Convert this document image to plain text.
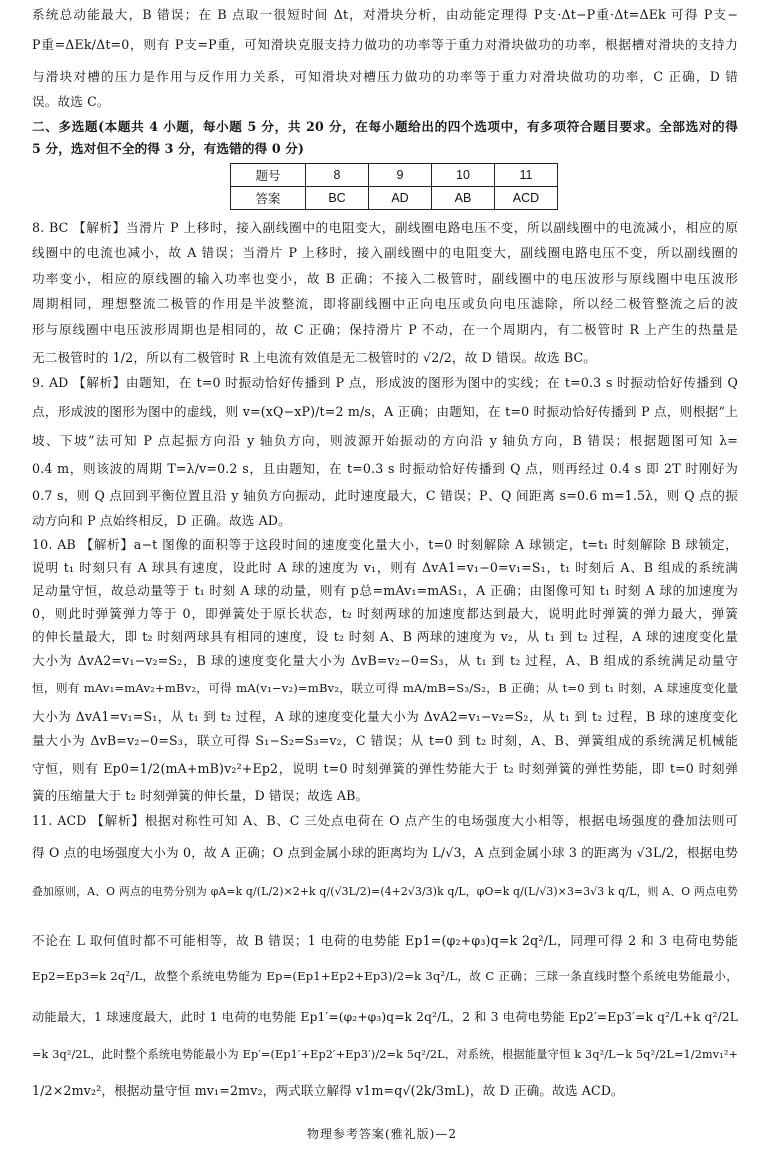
系统总动能最大，B 错误；在 B 点取一很短时间 Δt，对滑块分析，由动能定理得 P支·Δt−P重·Δt=ΔEk 可得 P支−
P重=ΔEk/Δt=0，则有 P支=P重，可知滑块克服支持力做功的功率等于重力对滑块做功的功率，根据槽对滑块的支持力
与滑块对槽的压力是作用与反作用力关系，可知滑块对槽压力做功的功率等于重力对滑块做功的功率，C 正确，D 错
误。故选 C。
二、多选题(本题共 4 小题，每小题 5 分，共 20 分，在每小题给出的四个选项中，有多项符合题目要求。全部选对的得
5 分，选对但不全的得 3 分，有选错的得 0 分)
题号	8	9	10	11
答案	BC	AD	AB	ACD
8. BC 【解析】当滑片 P 上移时，接入副线圈中的电阻变大，副线圈电路电压不变，所以副线圈中的电流减小，相应的原
线圈中的电流也减小，故 A 错误；当滑片 P 上移时，接入副线圈中的电阻变大，副线圈电路电压不变，所以副线圈的
功率变小，相应的原线圈的输入功率也变小，故 B 正确；不接入二极管时，副线圈中的电压波形与原线圈中电压波形
周期相同，理想整流二极管的作用是半波整流，即将副线圈中正向电压或负向电压滤除，所以经二极管整流之后的波
形与原线圈中电压波形周期也是相同的，故 C 正确；保持滑片 P 不动，在一个周期内，有二极管时 R 上产生的热量是
无二极管时的 1/2，所以有二极管时 R 上电流有效值是无二极管时的 √2/2，故 D 错误。故选 BC。
9. AD 【解析】由题知，在 t=0 时振动恰好传播到 P 点，形成波的图形为图中的实线；在 t=0.3 s 时振动恰好传播到 Q
点，形成波的图形为图中的虚线，则 v=(xQ−xP)/t=2 m/s，A 正确；由题知，在 t=0 时振动恰好传播到 P 点，则根据“上
坡、下坡”法可知 P 点起振方向沿 y 轴负方向，则波源开始振动的方向沿 y 轴负方向，B 错误；根据题图可知 λ=
0.4 m，则该波的周期 T=λ/v=0.2 s，且由题知，在 t=0.3 s 时振动恰好传播到 Q 点，则再经过 0.4 s 即 2T 时刚好为
0.7 s，则 Q 点回到平衡位置且沿 y 轴负方向振动，此时速度最大，C 错误；P、Q 间距离 s=0.6 m=1.5λ，则 Q 点的振
动方向和 P 点始终相反，D 正确。故选 AD。
10. AB 【解析】a−t 图像的面积等于这段时间的速度变化量大小，t=0 时刻解除 A 球锁定，t=t₁ 时刻解除 B 球锁定，
说明 t₁ 时刻只有 A 球具有速度，设此时 A 球的速度为 v₁，则有 ΔvA1=v₁−0=v₁=S₁，t₁ 时刻后 A、B 组成的系统满
足动量守恒，故总动量等于 t₁ 时刻 A 球的动量，则有 p总=mAv₁=mAS₁，A 正确；由图像可知 t₁ 时刻 A 球的加速度为
0，则此时弹簧弹力等于 0，即弹簧处于原长状态，t₂ 时刻两球的加速度都达到最大，说明此时弹簧的弹力最大，弹簧
的伸长量最大，即 t₂ 时刻两球具有相同的速度，设 t₂ 时刻 A、B 两球的速度为 v₂，从 t₁ 到 t₂ 过程，A 球的速度变化量
大小为 ΔvA2=v₁−v₂=S₂，B 球的速度变化量大小为 ΔvB=v₂−0=S₃，从 t₁ 到 t₂ 过程，A、B 组成的系统满足动量守
恒，则有 mAv₁=mAv₂+mBv₂，可得 mA(v₁−v₂)=mBv₂，联立可得 mA/mB=S₃/S₂，B 正确；从 t=0 到 t₁ 时刻，A 球速度变化量
大小为 ΔvA1=v₁=S₁，从 t₁ 到 t₂ 过程，A 球的速度变化量大小为 ΔvA2=v₁−v₂=S₂，从 t₁ 到 t₂ 过程，B 球的速度变化
量大小为 ΔvB=v₂−0=S₃，联立可得 S₁−S₂=S₃=v₂，C 错误；从 t=0 到 t₂ 时刻，A、B、弹簧组成的系统满足机械能
守恒，则有 Ep0=1/2(mA+mB)v₂²+Ep2，说明 t=0 时刻弹簧的弹性势能大于 t₂ 时刻弹簧的弹性势能，即 t=0 时刻弹
簧的压缩量大于 t₂ 时刻弹簧的伸长量，D 错误；故选 AB。
11. ACD 【解析】根据对称性可知 A、B、C 三处点电荷在 O 点产生的电场强度大小相等，根据电场强度的叠加法则可
得 O 点的电场强度大小为 0，故 A 正确；O 点到金属小球的距离均为 L/√3，A 点到金属小球 3 的距离为 √3L/2，根据电势
叠加原则，A、O 两点的电势分别为 φA=k q/(L/2)×2+k q/(√3L/2)=(4+2√3/3)k q/L，φO=k q/(L/√3)×3=3√3 k q/L，则 A、O 两点电势
不论在 L 取何值时都不可能相等，故 B 错误；1 电荷的电势能 Ep1=(φ₂+φ₃)q=k 2q²/L，同理可得 2 和 3 电荷电势能
Ep2=Ep3=k 2q²/L，故整个系统电势能为 Ep=(Ep1+Ep2+Ep3)/2=k 3q²/L，故 C 正确；三球一条直线时整个系统电势能最小，
动能最大，1 球速度最大，此时 1 电荷的电势能 Ep1′=(φ₂+φ₃)q=k 2q²/L，2 和 3 电荷电势能 Ep2′=Ep3′=k q²/L+k q²/2L
=k 3q²/2L，此时整个系统电势能最小为 Ep′=(Ep1′+Ep2′+Ep3′)/2=k 5q²/2L，对系统，根据能量守恒 k 3q²/L−k 5q²/2L=1/2mv₁²+
1/2×2mv₂²，根据动量守恒 mv₁=2mv₂，两式联立解得 v1m=q√(2k/3mL)，故 D 正确。故选 ACD。
物理参考答案(雅礼版)—2
